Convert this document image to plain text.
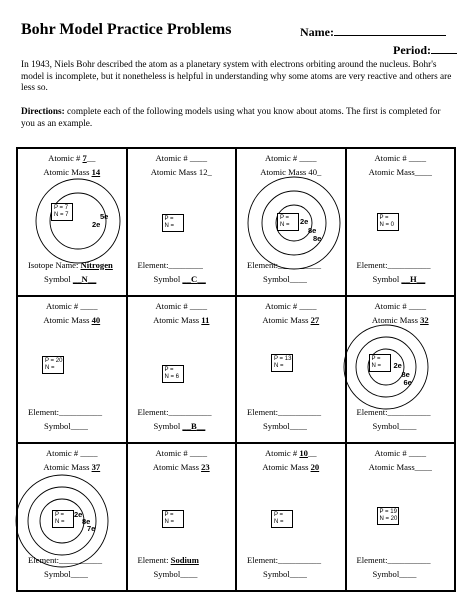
Bohr Model Practice Problems	Name:
Period:
In 1943, Niels Bohr described the atom as a planetary system with electrons orbiting around the nucleus. Bohr's model is incomplete, but it nonetheless is helpful in understanding why some atoms are very reactive and others are less so.
Directions: complete each of the following models using what you know about atoms. The first is completed for you as an example.
Atomic # 7__
Atomic Mass 14
P = 7
N = 7	5e
2e
Isotope Name: Nitrogen
Symbol __N__
Atomic # ____
Atomic Mass 12_
P =
N =
Element:________
Symbol __C__
Atomic # ____
Atomic Mass 40_
P =
N =	2e
8e
8e
Element:__________
Symbol____
Atomic # ____
Atomic Mass____
P =
N = 0
Element:__________
Symbol __H__
Atomic # ____
Atomic Mass 40
P = 20
N =
Element:__________
Symbol____
Atomic # ____
Atomic Mass 11
P =
N = 6
Element:__________
Symbol __B__
Atomic # ____
Atomic Mass 27
P = 13
N =
Element:__________
Symbol____
Atomic # ____
Atomic Mass 32
P =
N =	2e
8e
6e
Element:__________
Symbol____
Atomic # ____
Atomic Mass 37
P =
N =
2e
8e
7e
Element:__________
Symbol____
Atomic # ____
Atomic Mass 23
P =
N =
Element: Sodium
Symbol____
Atomic # 10__
Atomic Mass 20
P =
N =
Element:__________
Symbol____
Atomic # ____
Atomic Mass____
P = 19
N = 20
Element:__________
Symbol____
